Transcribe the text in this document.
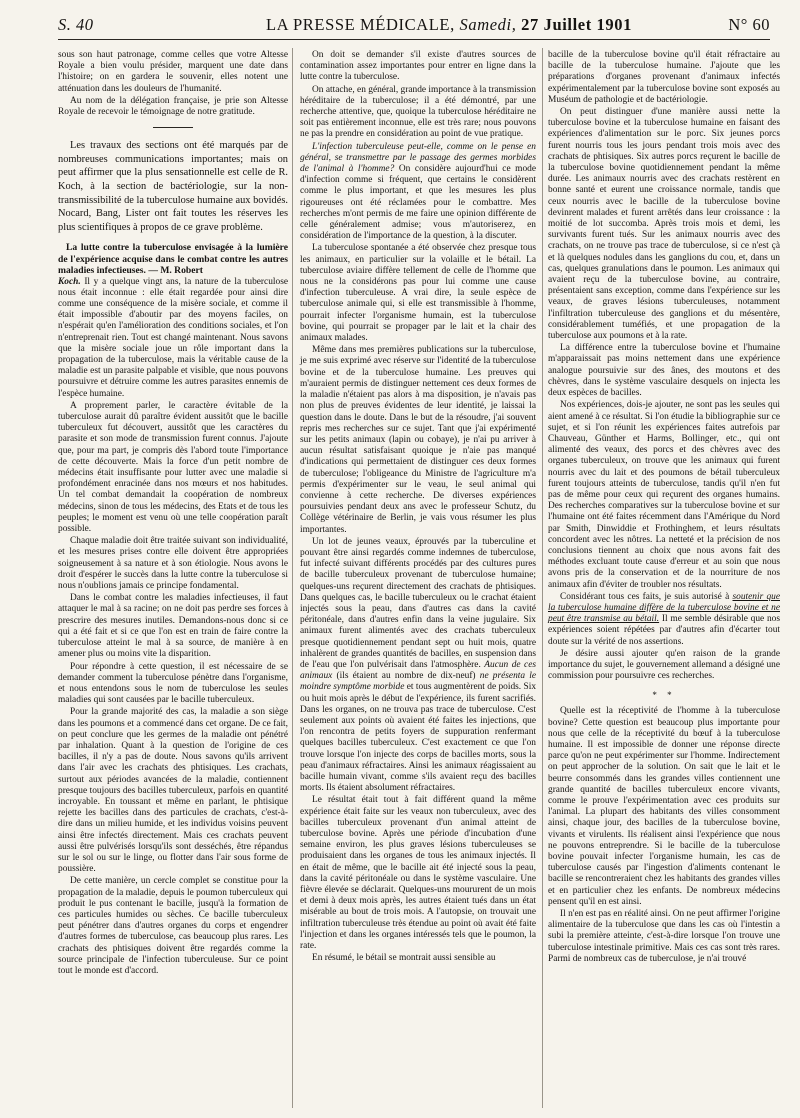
S. 40	LA PRESSE MÉDICALE, Samedi, 27 Juillet 1901	N° 60

sous son haut patronage, comme celles que votre Altesse Royale a bien voulu présider, marquent une date dans l'histoire; on en gardera le souvenir, elles notent une atténuation dans les douleurs de l'humanité.

Au nom de la délégation française, je prie son Altesse Royale de recevoir le témoignage de notre gratitude.

Les travaux des sections ont été marqués par de nombreuses communications importantes; mais on peut affirmer que la plus sensationnelle est celle de R. Koch, à la section de bactériologie, sur la non-transmissibilité de la tuberculose humaine aux bovidés. Nocard, Bang, Lister ont fait toutes les réserves les plus scientifiques à propos de ce grave problème.

La lutte contre la tuberculose envisagée à la lumière de l'expérience acquise dans le combat contre les autres maladies infectieuses. — M. Robert

Koch. Il y a quelque vingt ans, la nature de la tuberculose nous était inconnue : elle était regardée pour ainsi dire comme une conséquence de la misère sociale, et comme il était impossible d'aboutir par des moyens faciles, on n'espérait qu'en l'amélioration des conditions sociales, et l'on n'entreprenait rien. Tout est changé maintenant. Nous savons que la misère sociale joue un rôle important dans la propagation de la tuberculose, mais la véritable cause de la maladie est un parasite palpable et visible, que nous pouvons poursuivre et détruire comme les autres parasites ennemis de l'espèce humaine.

A proprement parler, le caractère évitable de la tuberculose aurait dû paraître évident aussitôt que le bacille tuberculeux fut découvert, aussitôt que les caractères du parasite et son mode de transmission furent connus. J'ajoute que, pour ma part, je compris dès l'abord toute l'importance de cette découverte. Mais la force d'un petit nombre de médecins était insuffisante pour lutter avec une maladie si profondément enracinée dans nos mœurs et nos habitudes. Un tel combat demandait la coopération de nombreux médecins, sinon de tous les médecins, des Etats et de tous les peuples; le moment est venu où une telle coopération paraît possible.

Chaque maladie doit être traitée suivant son individualité, et les mesures prises contre elle doivent être appropriées soigneusement à sa nature et à son étiologie. Nous avons le droit d'espérer le succès dans la lutte contre la tuberculose si nous n'oublions jamais ce principe fondamental.

Dans le combat contre les maladies infectieuses, il faut attaquer le mal à sa racine; on ne doit pas perdre ses forces à prescrire des mesures inutiles. Demandons-nous donc si ce qui a été fait et si ce que l'on est en train de faire contre la tuberculose atteint le mal à sa source, de manière à en amener plus ou moins vite la disparition.

Pour répondre à cette question, il est nécessaire de se demander comment la tuberculose pénètre dans l'organisme, et nous entendons sous le nom de tuberculose les seules maladies qui sont causées par le bacille tuberculeux.

Pour la grande majorité des cas, la maladie a son siège dans les poumons et a commencé dans cet organe. De ce fait, on peut conclure que les germes de la maladie ont pénétré par inhalation. Quant à la question de l'origine de ces bacilles, il n'y a pas de doute. Nous savons qu'ils arrivent dans l'air avec les crachats des phtisiques. Les crachats, surtout aux périodes avancées de la maladie, contiennent presque toujours des bacilles tuberculeux, parfois en quantité incroyable. En toussant et même en parlant, le phtisique rejette les bacilles dans des particules de crachats, c'est-à-dire dans un milieu humide, et les individus voisins peuvent ainsi être infectés directement. Mais ces crachats peuvent aussi être pulvérisés lorsqu'ils sont desséchés, être répandus sur le sol ou sur le linge, ou flotter dans l'air sous forme de poussière.

De cette manière, un cercle complet se constitue pour la propagation de la maladie, depuis le poumon tuberculeux qui produit le pus contenant le bacille, jusqu'à la formation de ces particules humides ou sèches. Ce bacille tuberculeux peut pénétrer dans d'autres organes du corps et engendrer d'autres formes de tuberculose, cas beaucoup plus rares. Les crachats des phtisiques doivent être regardés comme la source principale de l'infection tuberculeuse. Sur ce point tout le monde est d'accord.

On doit se demander s'il existe d'autres sources de contamination assez importantes pour entrer en ligne dans la lutte contre la tuberculose.

On attache, en général, grande importance à la transmission héréditaire de la tuberculose; il a été démontré, par une recherche attentive, que, quoique la tuberculose héréditaire ne soit pas entièrement inconnue, elle est très rare; nous pouvons ne pas la prendre en considération au point de vue pratique.

L'infection tuberculeuse peut-elle, comme on le pense en général, se transmettre par le passage des germes morbides de l'animal à l'homme? On considère aujourd'hui ce mode d'infection comme si fréquent, que certains le considèrent comme le plus important, et que les mesures les plus rigoureuses ont été réclamées pour le combattre. Mes recherches m'ont permis de me faire une opinion différente de celle généralement admise; vous m'autoriserez, en considération de l'importance de la question, à la discuter.

La tuberculose spontanée a été observée chez presque tous les animaux, en particulier sur la volaille et le bétail. La tuberculose aviaire diffère tellement de celle de l'homme que nous ne la considérons pas pour lui comme une cause d'infection tuberculeuse. A vrai dire, la seule espèce de tuberculose animale qui, si elle est transmissible à l'homme, pourrait infecter l'organisme humain, est la tuberculose bovine, qui pourrait se propager par le lait et la chair des animaux malades.

Même dans mes premières publications sur la tuberculose, je me suis exprimé avec réserve sur l'identité de la tuberculose bovine et de la tuberculose humaine. Les preuves qui m'auraient permis de distinguer nettement ces deux formes de la maladie n'étaient pas alors à ma disposition, je n'avais pas non plus de preuves évidentes de leur identité, je laissai la question dans le doute. Dans le but de la résoudre, j'ai souvent repris mes recherches sur ce sujet. Tant que j'ai expérimenté sur les petits animaux (lapin ou cobaye), je n'ai pu arriver à aucun résultat satisfaisant quoique je n'aie pas manqué d'indications qui permettaient de distinguer ces deux formes de tuberculose; l'obligeance du Ministre de l'agriculture m'a permis d'expérimenter sur le veau, le seul animal qui convienne à cette recherche. De diverses expériences poursuivies pendant deux ans avec le professeur Schutz, du Collège vétérinaire de Berlin, je vais vous résumer les plus importantes.

Un lot de jeunes veaux, éprouvés par la tuberculine et pouvant être ainsi regardés comme indemnes de tuberculose, fut infecté suivant différents procédés par des cultures pures de bacille tuberculeux provenant de tuberculose humaine; quelques-uns reçurent directement des crachats de phtisiques. Dans quelques cas, le bacille tuberculeux ou le crachat étaient injectés sous la peau, dans d'autres cas dans la cavité péritonéale, dans d'autres enfin dans la veine jugulaire. Six animaux furent alimentés avec des crachats tuberculeux presque quotidiennement pendant sept ou huit mois, quatre inhalèrent de grandes quantités de bacilles, en suspension dans de l'eau que l'on pulvérisait dans l'atmosphère. Aucun de ces animaux (ils étaient au nombre de dix-neuf) ne présenta le moindre symptôme morbide et tous augmentèrent de poids. Six ou huit mois après le début de l'expérience, ils furent sacrifiés. Dans les organes, on ne trouva pas trace de tuberculose. C'est seulement aux points où avaient été faites les injections, que l'on rencontra de petits foyers de suppuration renfermant quelques bacilles tuberculeux. C'est exactement ce que l'on trouve lorsque l'on injecte des corps de bacilles morts, sous la peau d'animaux réfractaires. Ainsi les animaux réagissaient au bacille humain vivant, comme s'ils avaient reçu des bacilles morts. Ils étaient absolument réfractaires.

Le résultat était tout à fait différent quand la même expérience était faite sur les veaux non tuberculeux, avec des bacilles tuberculeux provenant d'un animal atteint de tuberculose bovine. Après une période d'incubation d'une semaine environ, les plus graves lésions tuberculeuses se produisaient dans les organes de tous les animaux injectés. Il en était de même, que le bacille ait été injecté sous la peau, dans la cavité péritonéale ou dans le système vasculaire. Une fièvre élevée se déclarait. Quelques-uns moururent de un mois et demi à deux mois après, les autres étaient tués dans un état misérable au bout de trois mois. A l'autopsie, on trouvait une infiltration tuberculeuse très étendue au point où avait été faite l'injection et dans les organes intéressés tels que le poumon, la rate.

En résumé, le bétail se montrait aussi sensible au

bacille de la tuberculose bovine qu'il était réfractaire au bacille de la tuberculose humaine. J'ajoute que les préparations d'organes provenant d'animaux infectés expérimentalement par la tuberculose bovine sont exposés au Muséum de pathologie et de bactériologie.

On peut distinguer d'une manière aussi nette la tuberculose bovine et la tuberculose humaine en faisant des expériences d'alimentation sur le porc. Six jeunes porcs furent nourris tous les jours pendant trois mois avec des crachats de phtisiques. Six autres porcs reçurent le bacille de la tuberculose bovine quotidiennement pendant la même durée. Les animaux nourris avec des crachats restèrent en bonne santé et eurent une croissance normale, tandis que ceux nourris avec le bacille de la tuberculose bovine devinrent malades et furent arrêtés dans leur croissance : la moitié de lot succomba. Après trois mois et demi, les survivants furent tués. Sur les animaux nourris avec des crachats, on ne trouve pas trace de tuberculose, si ce n'est çà et là quelques nodules dans les ganglions du cou, et, dans un cas, quelques granulations dans le poumon. Les animaux qui avaient reçu de la tuberculose bovine, au contraire, présentaient sans exception, comme dans l'expérience sur les veaux, de graves lésions tuberculeuses, notamment l'infiltration tuberculeuse des ganglions et du mésentère, considérablement tuméfiés, et une propagation de la tuberculose aux poumons et à la rate.

La différence entre la tuberculose bovine et l'humaine m'apparaissait pas moins nettement dans une expérience analogue poursuivie sur des ânes, des moutons et des chèvres, dans le système vasculaire desquels on injecta les deux espèces de bacilles.

Nos expériences, dois-je ajouter, ne sont pas les seules qui aient amené à ce résultat. Si l'on étudie la bibliographie sur ce sujet, et si l'on réunit les expériences faites autrefois par Chauveau, Günther et Harms, Bollinger, etc., qui ont alimenté des veaux, des porcs et des chèvres avec des organes tuberculeux, on trouve que les animaux qui furent nourris avec du lait et des poumons de bétail tuberculeux furent toujours atteints de tuberculose, tandis qu'il n'en fut pas de même pour ceux qui reçurent des organes humains. Des recherches comparatives sur la tuberculose bovine et sur l'humaine ont été faites récemment dans l'Amérique du Nord par Smith, Dinwiddie et Frothinghem, et leurs résultats concordent avec les nôtres. La netteté et la précision de nos conclusions tiennent au choix que nous avons fait des méthodes excluant toute cause d'erreur et au soin que nous avons pris de la conservation et de la nourriture de nos animaux afin d'éviter de troubler nos résultats.

Considérant tous ces faits, je suis autorisé à soutenir que la tuberculose humaine diffère de la tuberculose bovine et ne peut être transmise au bétail. Il me semble désirable que nos expériences soient répétées par d'autres afin d'écarter tout doute sur la vérité de nos assertions.

Je désire aussi ajouter qu'en raison de la grande importance du sujet, le gouvernement allemand a désigné une commission pour poursuivre ces recherches.

* *

Quelle est la réceptivité de l'homme à la tuberculose bovine? Cette question est beaucoup plus importante pour nous que celle de la réceptivité du bœuf à la tuberculose humaine. Il est impossible de donner une réponse directe parce qu'on ne peut expérimenter sur l'homme. Indirectement on peut approcher de la solution. On sait que le lait et le beurre consommés dans les grandes villes contiennent une grande quantité de bacilles tuberculeux encore vivants, comme le prouve l'expérimentation avec ces produits sur l'animal. La plupart des habitants des villes consomment ainsi, chaque jour, des bacilles de la tuberculose bovine, vivants et virulents. Ils réalisent ainsi l'expérience que nous ne pouvons entreprendre. Si le bacille de la tuberculose bovine pouvait infecter l'organisme humain, les cas de tuberculose causés par l'ingestion d'aliments contenant le bacille se rencontreraient chez les habitants des grandes villes et en particulier chez les enfants. De nombreux médecins pensent qu'il en est ainsi.

Il n'en est pas en réalité ainsi. On ne peut affirmer l'origine alimentaire de la tuberculose que dans les cas où l'intestin a subi la première atteinte, c'est-à-dire lorsque l'on trouve une tuberculose intestinale primitive. Mais ces cas sont très rares. Parmi de nombreux cas de tuberculose, je n'ai trouvé
